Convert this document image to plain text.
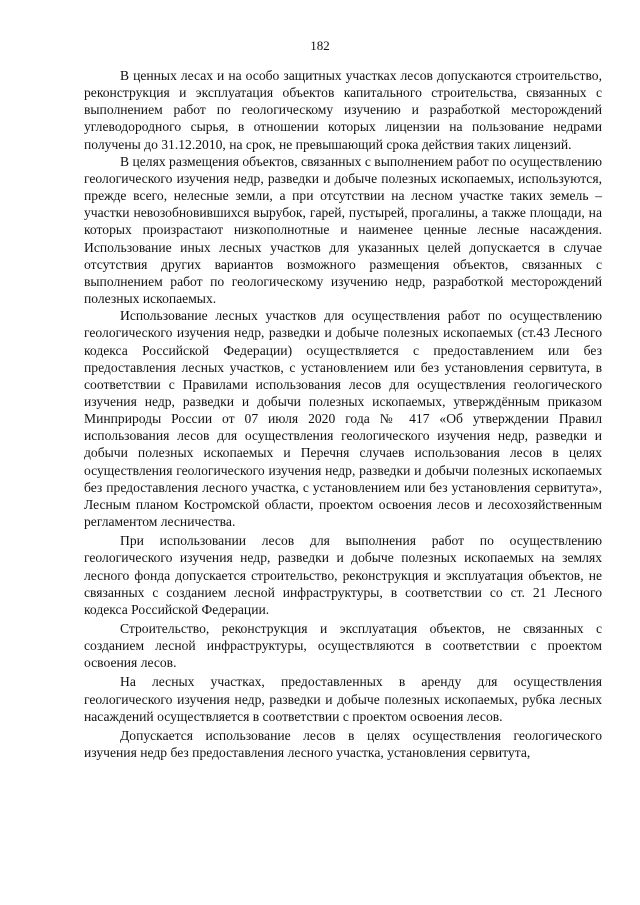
182

В ценных лесах и на особо защитных участках лесов допускаются строительство, реконструкция и эксплуатация объектов капитального строительства, связанных с выполнением работ по геологическому изучению и разработкой месторождений углеводородного сырья, в отношении которых лицензии на пользование недрами получены до 31.12.2010, на срок, не превышающий срока действия таких лицензий.

В целях размещения объектов, связанных с выполнением работ по осуществлению геологического изучения недр, разведки и добыче полезных ископаемых, используются, прежде всего, нелесные земли, а при отсутствии на лесном участке таких земель – участки невозобновившихся вырубок, гарей, пустырей, прогалины, а также площади, на которых произрастают низкополнотные и наименее ценные лесные насаждения. Использование иных лесных участков для указанных целей допускается в случае отсутствия других вариантов возможного размещения объектов, связанных с выполнением работ по геологическому изучению недр, разработкой месторождений полезных ископаемых.

Использование лесных участков для осуществления работ по осуществлению геологического изучения недр, разведки и добыче полезных ископаемых (ст.43 Лесного кодекса Российской Федерации) осуществляется с предоставлением или без предоставления лесных участков, с установлением или без установления сервитута, в соответствии с Правилами использования лесов для осуществления геологического изучения недр, разведки и добычи полезных ископаемых, утверждённым приказом Минприроды России от 07 июля 2020 года № 417 «Об утверждении Правил использования лесов для осуществления геологического изучения недр, разведки и добычи полезных ископаемых и Перечня случаев использования лесов в целях осуществления геологического изучения недр, разведки и добычи полезных ископаемых без предоставления лесного участка, с установлением или без установления сервитута», Лесным планом Костромской области, проектом освоения лесов и лесохозяйственным регламентом лесничества.

При использовании лесов для выполнения работ по осуществлению геологического изучения недр, разведки и добыче полезных ископаемых на землях лесного фонда допускается строительство, реконструкция и эксплуатация объектов, не связанных с созданием лесной инфраструктуры, в соответствии со ст. 21 Лесного кодекса Российской Федерации.

Строительство, реконструкция и эксплуатация объектов, не связанных с созданием лесной инфраструктуры, осуществляются в соответствии с проектом освоения лесов.

На лесных участках, предоставленных в аренду для осуществления геологического изучения недр, разведки и добыче полезных ископаемых, рубка лесных насаждений осуществляется в соответствии с проектом освоения лесов.

Допускается использование лесов в целях осуществления геологического изучения недр без предоставления лесного участка, установления сервитута,
